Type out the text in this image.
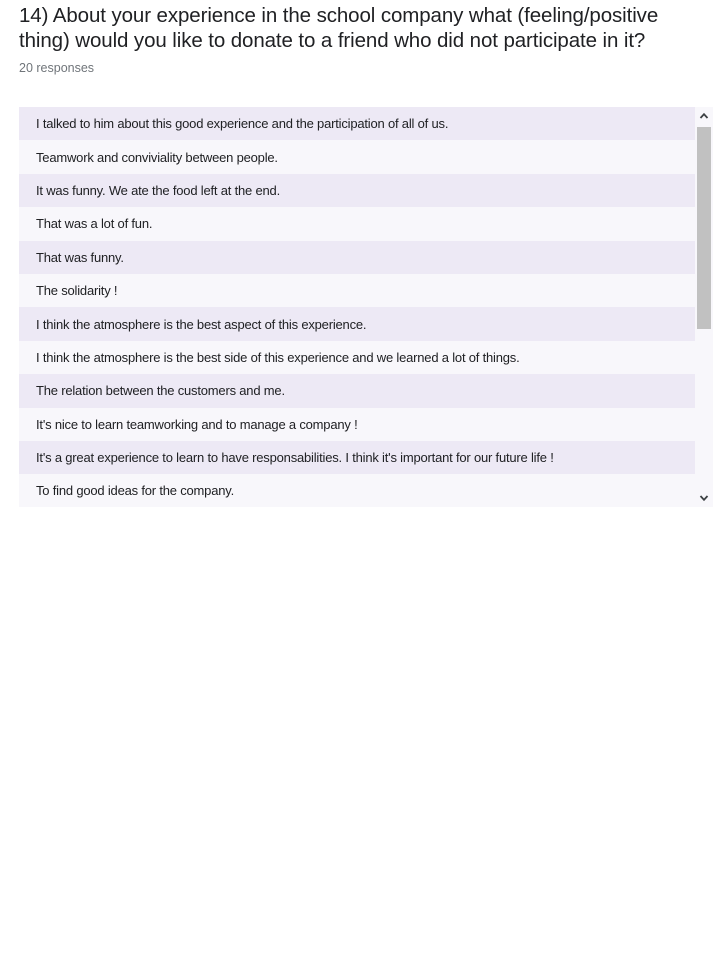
14) About your experience in the school company what (feeling/positive thing) would you like to donate to a friend who did not participate in it?
20 responses
I talked to him about this good experience and the participation of all of us.
Teamwork and conviviality between people.
It was funny. We ate the food left at the end.
That was a lot of fun.
That was funny.
The solidarity !
I think the atmosphere is the best aspect of this experience.
I think the atmosphere is the best side of this experience and we learned a lot of things.
The relation between the customers and me.
It's nice to learn teamworking and to manage a company !
It's a great experience to learn to have responsabilities. I think it's important for our future life !
To find good ideas for the company.
